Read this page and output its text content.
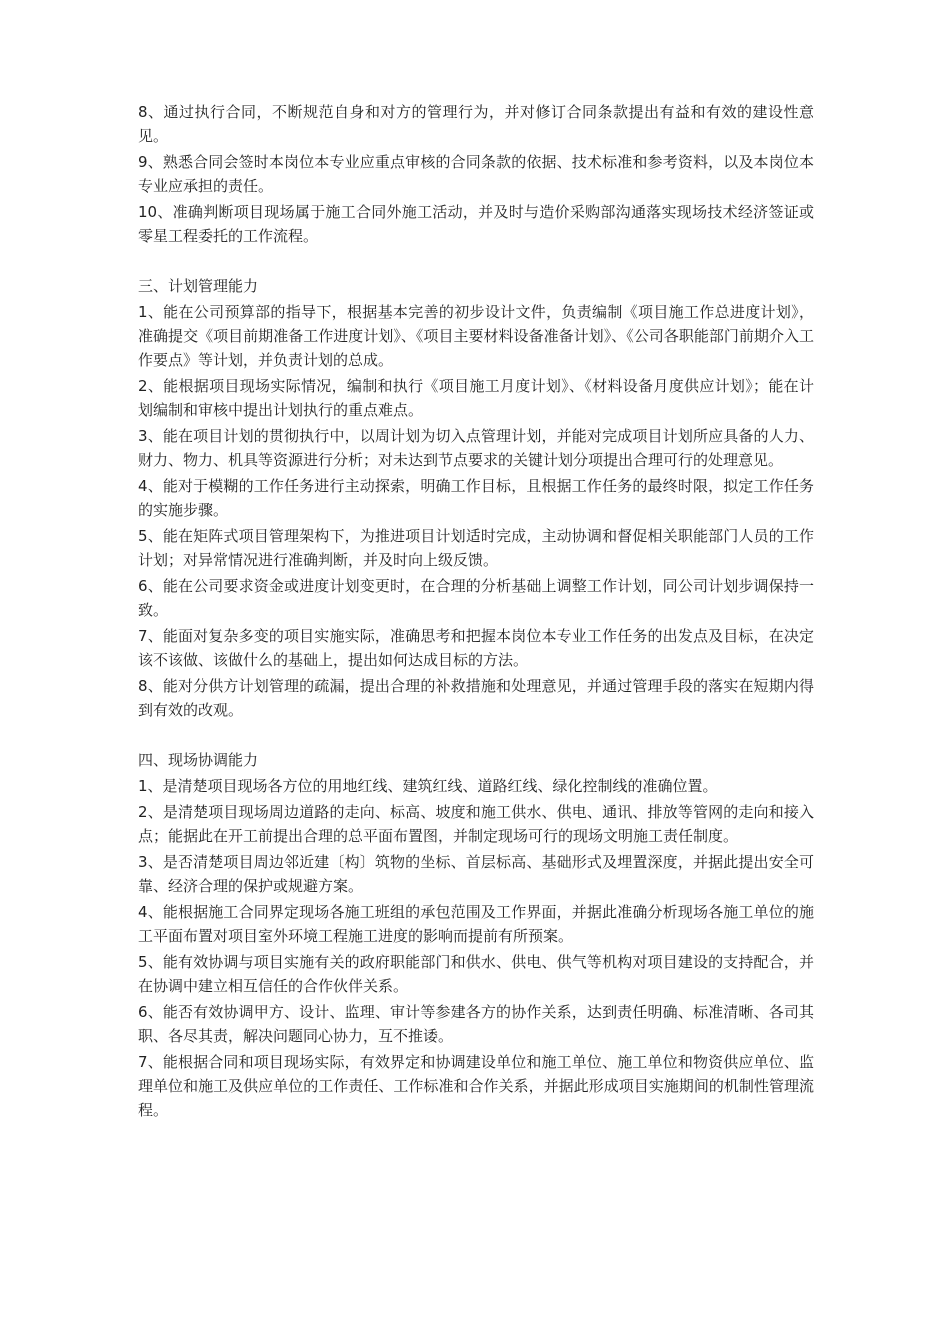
8、通过执行合同，不断规范自身和对方的管理行为，并对修订合同条款提出有益和有效的建设性意见。

9、熟悉合同会签时本岗位本专业应重点审核的合同条款的依据、技术标准和参考资料，以及本岗位本专业应承担的责任。

10、准确判断项目现场属于施工合同外施工活动，并及时与造价采购部沟通落实现场技术经济签证或零星工程委托的工作流程。

三、计划管理能力

1、能在公司预算部的指导下，根据基本完善的初步设计文件，负责编制《项目施工作总进度计划》，准确提交《项目前期准备工作进度计划》、《项目主要材料设备准备计划》、《公司各职能部门前期介入工作要点》等计划，并负责计划的总成。

2、能根据项目现场实际情况，编制和执行《项目施工月度计划》、《材料设备月度供应计划》；能在计划编制和审核中提出计划执行的重点难点。

3、能在项目计划的贯彻执行中，以周计划为切入点管理计划，并能对完成项目计划所应具备的人力、财力、物力、机具等资源进行分析；对未达到节点要求的关键计划分项提出合理可行的处理意见。

4、能对于模糊的工作任务进行主动探索，明确工作目标，且根据工作任务的最终时限，拟定工作任务的实施步骤。

5、能在矩阵式项目管理架构下，为推进项目计划适时完成，主动协调和督促相关职能部门人员的工作计划；对异常情况进行准确判断，并及时向上级反馈。

6、能在公司要求资金或进度计划变更时，在合理的分析基础上调整工作计划，同公司计划步调保持一致。

7、能面对复杂多变的项目实施实际，准确思考和把握本岗位本专业工作任务的出发点及目标，在决定该不该做、该做什么的基础上，提出如何达成目标的方法。

8、能对分供方计划管理的疏漏，提出合理的补救措施和处理意见，并通过管理手段的落实在短期内得到有效的改观。

四、现场协调能力

1、是清楚项目现场各方位的用地红线、建筑红线、道路红线、绿化控制线的准确位置。

2、是清楚项目现场周边道路的走向、标高、坡度和施工供水、供电、通讯、排放等管网的走向和接入点；能据此在开工前提出合理的总平面布置图，并制定现场可行的现场文明施工责任制度。

3、是否清楚项目周边邻近建〔构〕筑物的坐标、首层标高、基础形式及埋置深度，并据此提出安全可靠、经济合理的保护或规避方案。

4、能根据施工合同界定现场各施工班组的承包范围及工作界面，并据此准确分析现场各施工单位的施工平面布置对项目室外环境工程施工进度的影响而提前有所预案。

5、能有效协调与项目实施有关的政府职能部门和供水、供电、供气等机构对项目建设的支持配合，并在协调中建立相互信任的合作伙伴关系。

6、能否有效协调甲方、设计、监理、审计等参建各方的协作关系，达到责任明确、标准清晰、各司其职、各尽其责，解决问题同心协力，互不推诿。

7、能根据合同和项目现场实际，有效界定和协调建设单位和施工单位、施工单位和物资供应单位、监理单位和施工及供应单位的工作责任、工作标准和合作关系，并据此形成项目实施期间的机制性管理流程。
